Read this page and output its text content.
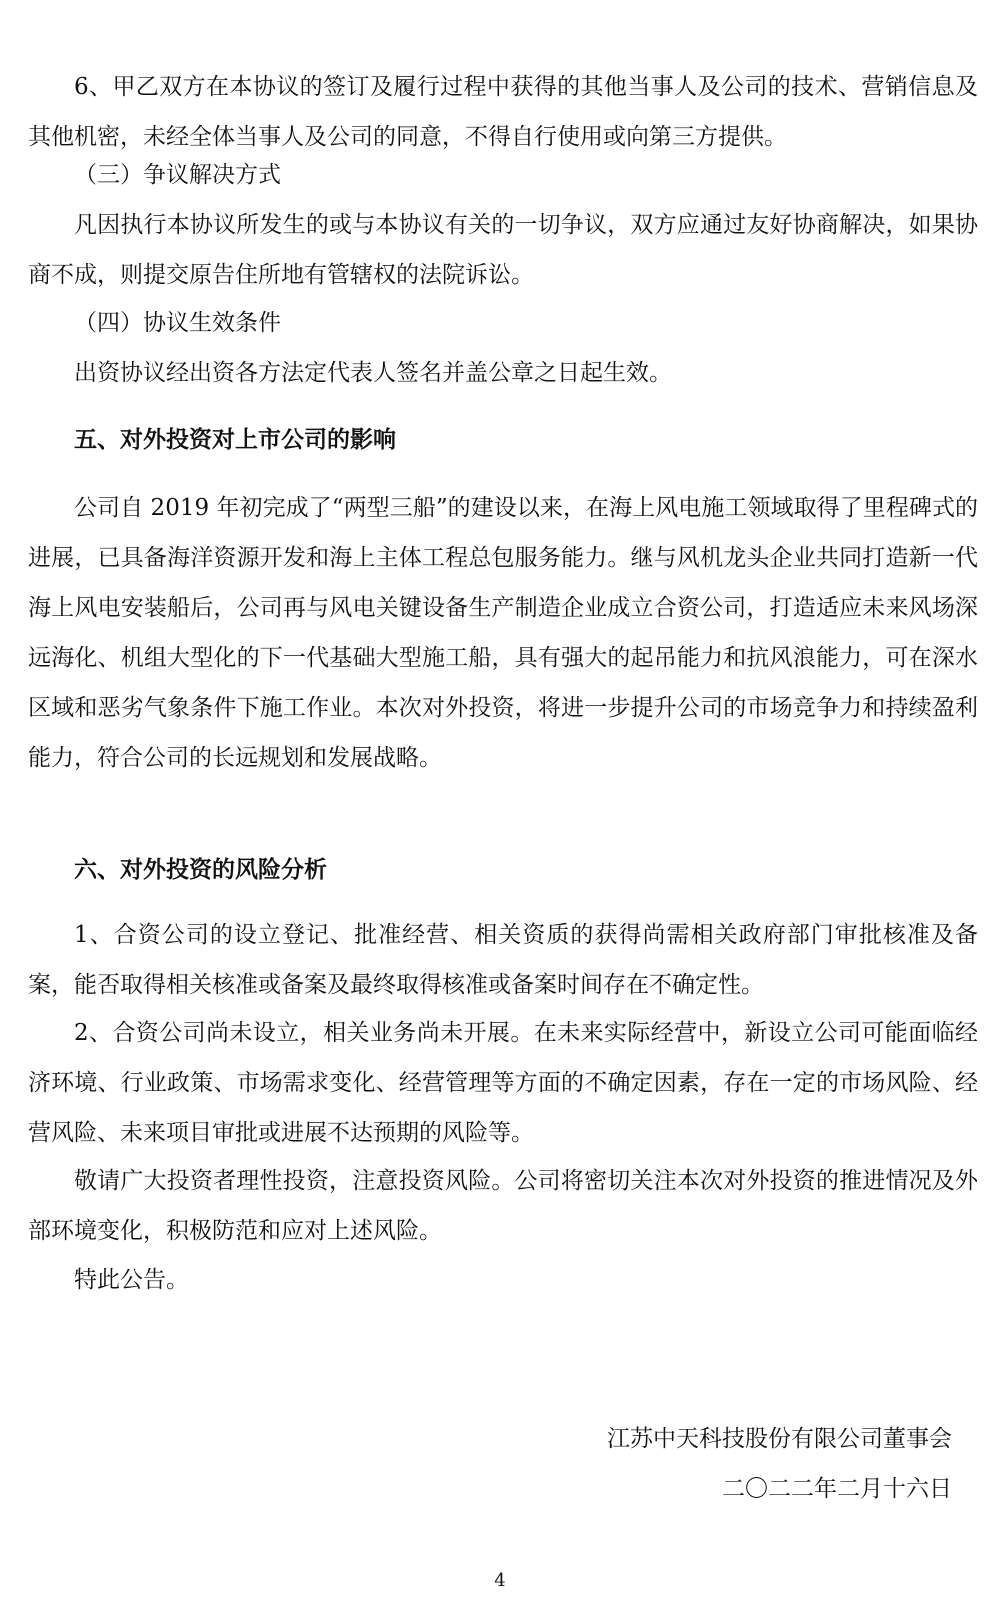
6、甲乙双方在本协议的签订及履行过程中获得的其他当事人及公司的技术、营销信息及其他机密，未经全体当事人及公司的同意，不得自行使用或向第三方提供。

（三）争议解决方式

凡因执行本协议所发生的或与本协议有关的一切争议，双方应通过友好协商解决，如果协商不成，则提交原告住所地有管辖权的法院诉讼。

（四）协议生效条件

出资协议经出资各方法定代表人签名并盖公章之日起生效。

五、对外投资对上市公司的影响

公司自 2019 年初完成了“两型三船”的建设以来，在海上风电施工领域取得了里程碑式的进展，已具备海洋资源开发和海上主体工程总包服务能力。继与风机龙头企业共同打造新一代海上风电安装船后，公司再与风电关键设备生产制造企业成立合资公司，打造适应未来风场深远海化、机组大型化的下一代基础大型施工船，具有强大的起吊能力和抗风浪能力，可在深水区域和恶劣气象条件下施工作业。本次对外投资，将进一步提升公司的市场竞争力和持续盈利能力，符合公司的长远规划和发展战略。

六、对外投资的风险分析

1、合资公司的设立登记、批准经营、相关资质的获得尚需相关政府部门审批核准及备案，能否取得相关核准或备案及最终取得核准或备案时间存在不确定性。

2、合资公司尚未设立，相关业务尚未开展。在未来实际经营中，新设立公司可能面临经济环境、行业政策、市场需求变化、经营管理等方面的不确定因素，存在一定的市场风险、经营风险、未来项目审批或进展不达预期的风险等。

敬请广大投资者理性投资，注意投资风险。公司将密切关注本次对外投资的推进情况及外部环境变化，积极防范和应对上述风险。

特此公告。

江苏中天科技股份有限公司董事会

二〇二二年二月十六日

4
